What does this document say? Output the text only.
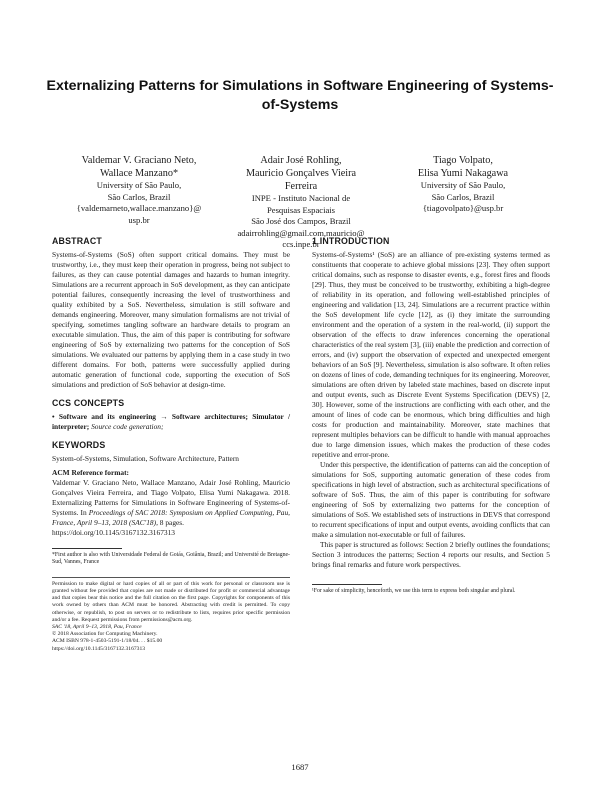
Externalizing Patterns for Simulations in Software Engineering of Systems-of-Systems
Valdemar V. Graciano Neto,
Wallace Manzano*
University of São Paulo,
São Carlos, Brazil
{valdemarneto,wallace.manzano}@
usp.br
Adair José Rohling,
Mauricio Gonçalves Vieira
Ferreira
INPE - Instituto Nacional de
Pesquisas Espaciais
São José dos Campos, Brazil
adairrohling@gmail.com,mauricio@
ccs.inpe.br
Tiago Volpato,
Elisa Yumi Nakagawa
University of São Paulo,
São Carlos, Brazil
{tiagovolpato}@usp.br
ABSTRACT

Systems-of-Systems (SoS) often support critical domains. They must be trustworthy, i.e., they must keep their operation in progress, being not subject to failures, as they can cause potential damages and hazards to human integrity. Simulations are a recurrent approach in SoS development, as they can anticipate potential failures, consequently increasing the level of trustworthiness and quality exhibited by a SoS. Nevertheless, simulation is still software and demands engineering. Moreover, many simulation formalisms are not trivial of specifying, sometimes tangling software an hardware details to program an executable simulation. Thus, the aim of this paper is contributing for software engineering of SoS by externalizing two patterns for the conception of SoS simulations. We evaluated our patterns by applying them in a case study in two different domains. For both, patterns were successfully applied during automatic generation of functional code, supporting the execution of SoS simulations and prediction of SoS behavior at design-time.

CCS CONCEPTS

• Software and its engineering → Software architectures; Simulator / interpreter; Source code generation;

KEYWORDS

System-of-Systems, Simulation, Software Architecture, Pattern

ACM Reference format:

Valdemar V. Graciano Neto, Wallace Manzano, Adair José Rohling, Mauricio Gonçalves Vieira Ferreira, and Tiago Volpato, Elisa Yumi Nakagawa. 2018. Externalizing Patterns for Simulations in Software Engineering of Systems-of-Systems. In Proceedings of SAC 2018: Symposium on Applied Computing, Pau, France, April 9–13, 2018 (SAC'18), 8 pages.

https://doi.org/10.1145/3167132.3167313

*First author is also with Universidade Federal de Goiás, Goiânia, Brazil; and Université de Bretagne-Sud, Vannes, France

Permission to make digital or hard copies of all or part of this work for personal or classroom use is granted without fee provided that copies are not made or distributed for profit or commercial advantage and that copies bear this notice and the full citation on the first page. Copyrights for components of this work owned by others than ACM must be honored. Abstracting with credit is permitted. To copy otherwise, or republish, to post on servers or to redistribute to lists, requires prior specific permission and/or a fee. Request permissions from permissions@acm.org.

SAC '18, April 9–13, 2018, Pau, France

© 2018 Association for Computing Machinery.

ACM ISBN 978-1-4503-5191-1/18/04. . . $15.00

https://doi.org/10.1145/3167132.3167313

1 INTRODUCTION

Systems-of-Systems¹ (SoS) are an alliance of pre-existing systems termed as constituents that cooperate to achieve global missions [23]. They often support critical domains, such as response to disaster events, e.g., forest fires and floods [29]. Thus, they must be conceived to be trustworthy, exhibiting a high-degree of reliability in its operation, and following well-established principles of engineering and validation [13, 24]. Simulations are a recurrent practice within the SoS development life cycle [12], as (i) they imitate the surrounding environment and the operation of a system in the real-world, (ii) support the observation of the effects to draw inferences concerning the operational characteristics of the real system [3], (iii) enable the prediction and correction of errors, and (iv) support the observation of expected and unexpected emergent behaviors of an SoS [9]. Nevertheless, simulation is also software. It often relies on dozens of lines of code, demanding techniques for its engineering. Moreover, simulations are often driven by labeled state machines, based on discrete input and output events, such as Discrete Event Systems Specification (DEVS) [2, 30]. However, some of the instructions are conflicting with each other, and the amount of lines of code can be enormous, which bring difficulties and high costs for production and maintainability. Moreover, state machines that represent multiples behaviors can be difficult to handle with manual approaches due to large dimension issues, which makes the production of these codes repetitive and error-prone.

Under this perspective, the identification of patterns can aid the conception of simulations for SoS, supporting automatic generation of these codes from specifications in high level of abstraction, such as architectural specifications of software of SoS. Thus, the aim of this paper is contributing for software engineering of SoS by externalizing two patterns for the conception of simulations of SoS. We established sets of instructions in DEVS that correspond to recurrent specifications of input and output events, avoiding conflicts that can make a simulation not-executable or full of failures.

This paper is structured as follows: Section 2 briefly outlines the foundations; Section 3 introduces the patterns; Section 4 reports our results, and Section 5 brings final remarks and future work perspectives.

¹For sake of simplicity, henceforth, we use this term to express both singular and plural.

1687
